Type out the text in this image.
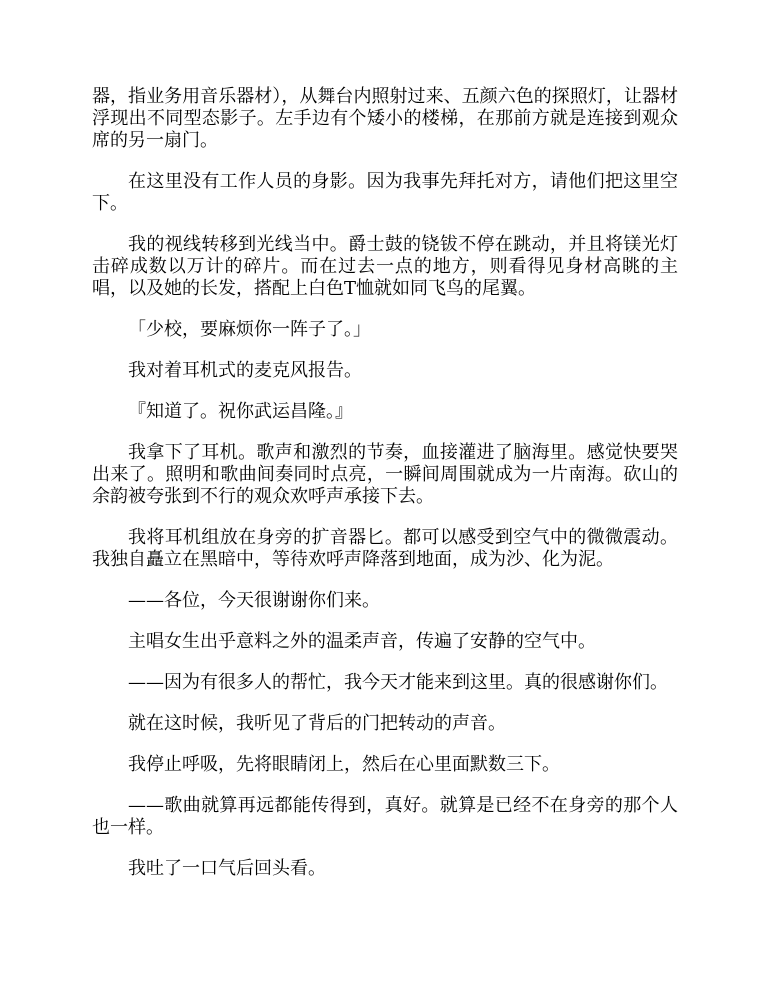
器，指业务用音乐器材），从舞台内照射过来、五颜六色的探照灯，让器材浮现出不同型态影子。左手边有个矮小的楼梯，在那前方就是连接到观众席的另一扇门。

在这里没有工作人员的身影。因为我事先拜托对方，请他们把这里空下。

我的视线转移到光线当中。爵士鼓的铙钹不停在跳动，并且将镁光灯击碎成数以万计的碎片。而在过去一点的地方，则看得见身材高眺的主唱，以及她的长发，搭配上白色T恤就如同飞鸟的尾翼。

「少校，要麻烦你一阵子了。」

我对着耳机式的麦克风报告。

『知道了。祝你武运昌隆。』

我拿下了耳机。歌声和激烈的节奏，血接灌进了脑海里。感觉快要哭出来了。照明和歌曲间奏同时点亮，一瞬间周围就成为一片南海。砍山的余韵被夸张到不行的观众欢呼声承接下去。

我将耳机组放在身旁的扩音器匕。都可以感受到空气中的微微震动。我独自矗立在黑暗中，等待欢呼声降落到地面，成为沙、化为泥。

——各位，今天很谢谢你们来。

主唱女生出乎意料之外的温柔声音，传遍了安静的空气中。

——因为有很多人的帮忙，我今天才能来到这里。真的很感谢你们。

就在这时候，我听见了背后的门把转动的声音。

我停止呼吸，先将眼睛闭上，然后在心里面默数三下。

——歌曲就算再远都能传得到，真好。就算是已经不在身旁的那个人也一样。

我吐了一口气后回头看。
